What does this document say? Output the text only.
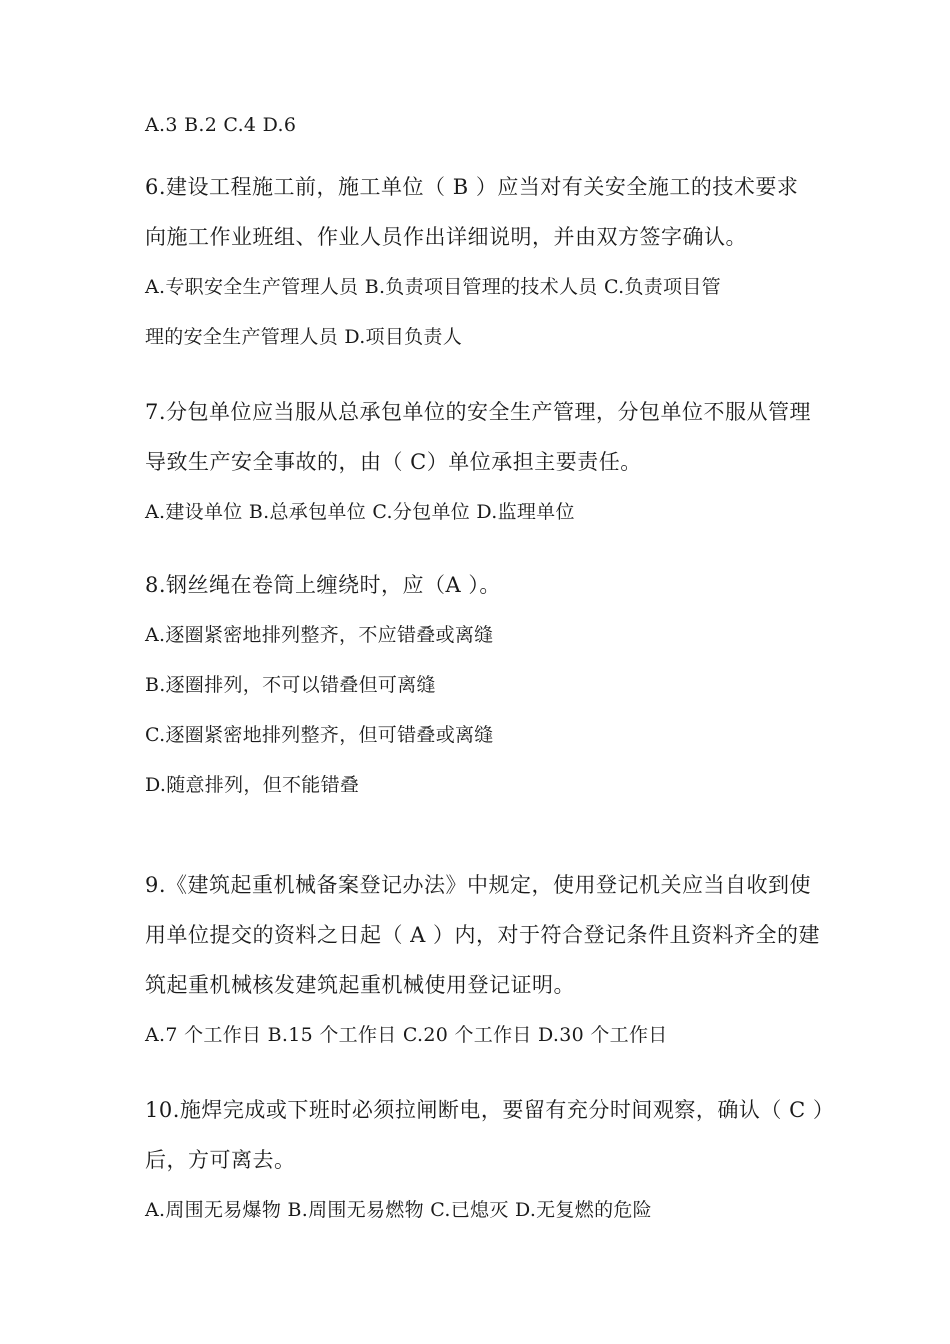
A.3 B.2 C.4 D.6
6.建设工程施工前，施工单位（ B ）应当对有关安全施工的技术要求
向施工作业班组、作业人员作出详细说明，并由双方签字确认。
A.专职安全生产管理人员 B.负责项目管理的技术人员 C.负责项目管
理的安全生产管理人员 D.项目负责人
7.分包单位应当服从总承包单位的安全生产管理，分包单位不服从管理
导致生产安全事故的，由（ C）单位承担主要责任。
A.建设单位 B.总承包单位 C.分包单位 D.监理单位
8.钢丝绳在卷筒上缠绕时，应（A ）。
A.逐圈紧密地排列整齐，不应错叠或离缝
B.逐圈排列，不可以错叠但可离缝
C.逐圈紧密地排列整齐，但可错叠或离缝
D.随意排列，但不能错叠
9.《建筑起重机械备案登记办法》中规定，使用登记机关应当自收到使
用单位提交的资料之日起（ A ）内，对于符合登记条件且资料齐全的建
筑起重机械核发建筑起重机械使用登记证明。
A.7 个工作日 B.15 个工作日 C.20 个工作日 D.30 个工作日
10.施焊完成或下班时必须拉闸断电，要留有充分时间观察，确认（ C ）
后，方可离去。
A.周围无易爆物 B.周围无易燃物 C.已熄灭 D.无复燃的危险
